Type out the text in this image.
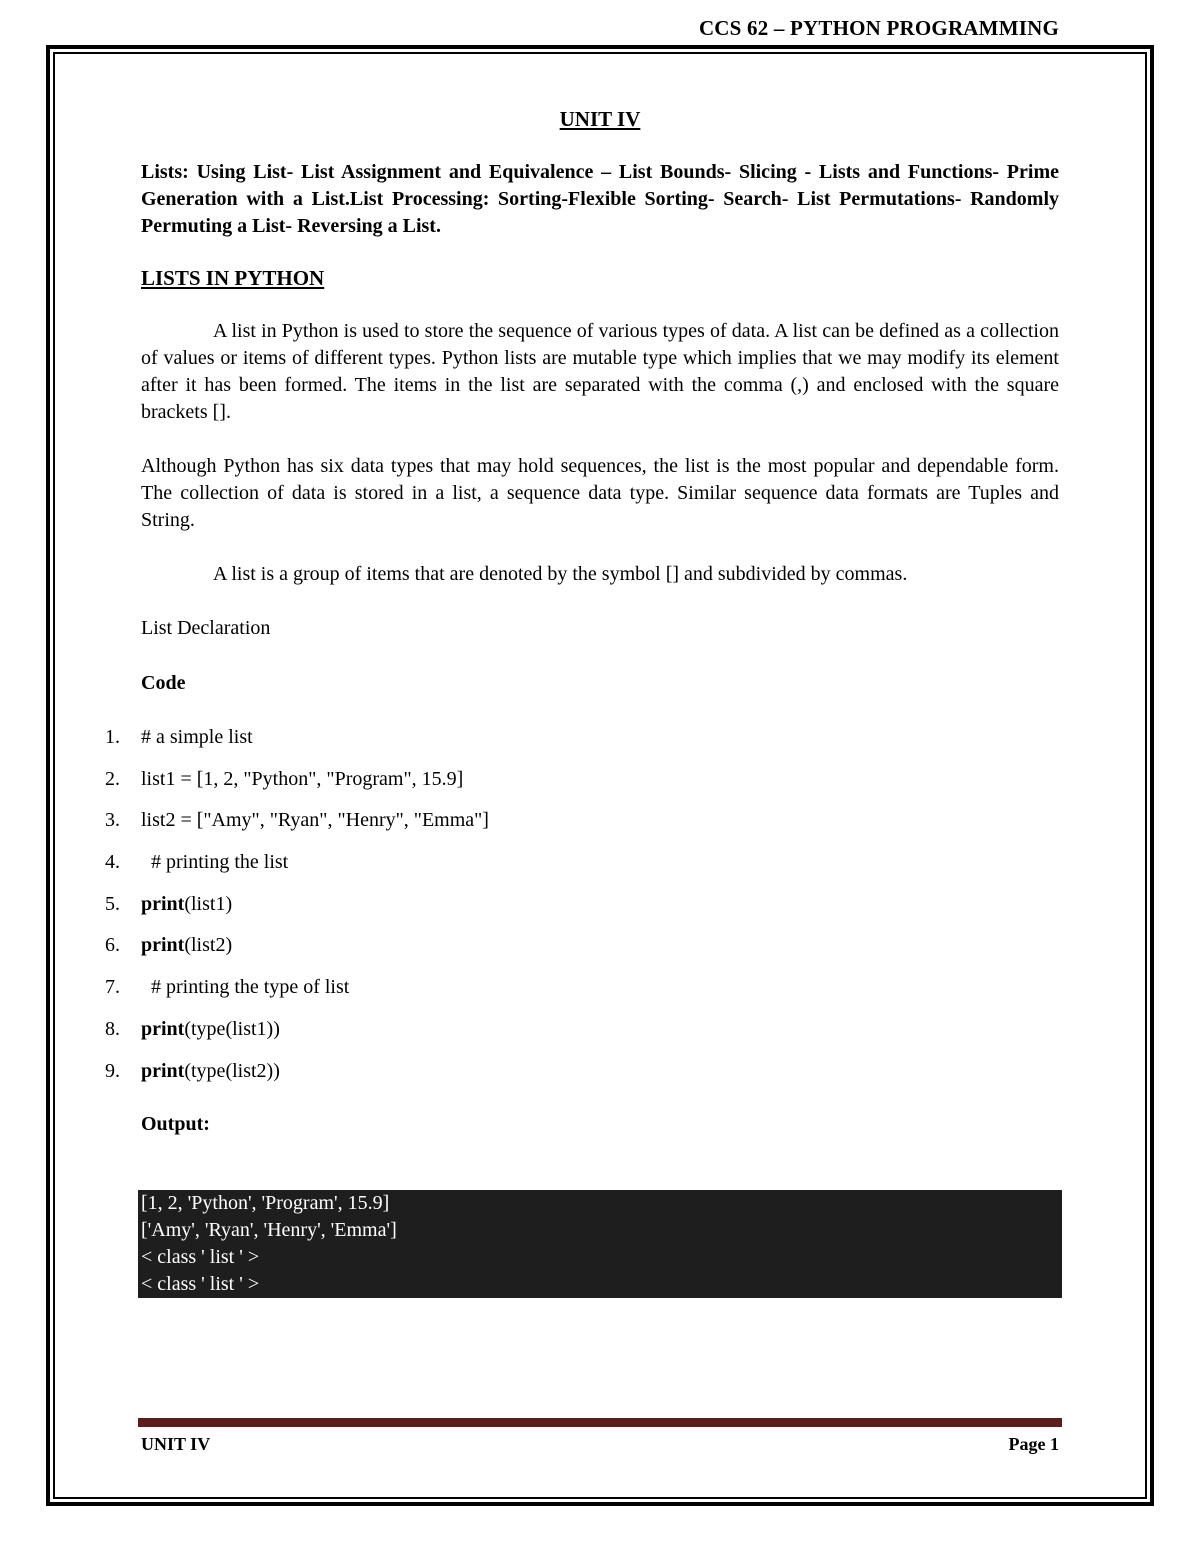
CCS 62 – PYTHON PROGRAMMING
UNIT IV
Lists: Using List- List Assignment and Equivalence – List Bounds- Slicing - Lists and Functions- Prime Generation with a List.List Processing: Sorting-Flexible Sorting- Search- List Permutations- Randomly Permuting a List- Reversing a List.
LISTS IN PYTHON
A list in Python is used to store the sequence of various types of data. A list can be defined as a collection of values or items of different types. Python lists are mutable type which implies that we may modify its element after it has been formed. The items in the list are separated with the comma (,) and enclosed with the square brackets [].
Although Python has six data types that may hold sequences, the list is the most popular and dependable form. The collection of data is stored in a list, a sequence data type. Similar sequence data formats are Tuples and String.
A list is a group of items that are denoted by the symbol [] and subdivided by commas.
List Declaration
Code
1.	# a simple list
2.	list1 = [1, 2, "Python", "Program", 15.9]
3.	list2 = ["Amy", "Ryan", "Henry", "Emma"]
4.	# printing the list
5.	print(list1)
6.	print(list2)
7.	# printing the type of list
8.	print(type(list1))
9.	print(type(list2))
Output:
[1, 2, 'Python', 'Program', 15.9]
['Amy', 'Ryan', 'Henry', 'Emma']
< class ' list ' >
< class ' list ' >
UNIT IV	Page 1
